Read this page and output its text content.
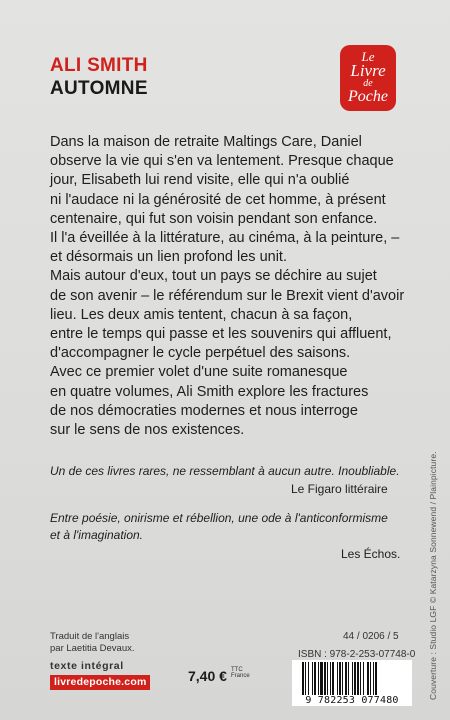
ALI SMITH
AUTOMNE
Le
Livre
de
Poche

Dans la maison de retraite Maltings Care, Daniel

observe la vie qui s'en va lentement. Presque chaque

jour, Elisabeth lui rend visite, elle qui n'a oublié

ni l'audace ni la générosité de cet homme, à présent

centenaire, qui fut son voisin pendant son enfance.

Il l'a éveillée à la littérature, au cinéma, à la peinture, –

et désormais un lien profond les unit.

Mais autour d'eux, tout un pays se déchire au sujet

de son avenir – le référendum sur le Brexit vient d'avoir

lieu. Les deux amis tentent, chacun à sa façon,

entre le temps qui passe et les souvenirs qui affluent,

d'accompagner le cycle perpétuel des saisons.

Avec ce premier volet d'une suite romanesque

en quatre volumes, Ali Smith explore les fractures

de nos démocraties modernes et nous interroge

sur le sens de nos existences.

Un de ces livres rares, ne ressemblant à aucun autre. Inoubliable.

Le Figaro littéraire

Entre poésie, onirisme et rébellion, une ode à l'anticonformisme

et à l'imagination.

Les Échos.	Couverture : Studio LGF © Katarzyna Sonnewend / Plainpicture.

Traduit de l'anglais

par Laetitia Devaux.

texte intégral
livredepoche.com	7,40 € TTC
France
44 / 0206 / 5
ISBN : 978-2-253-07748-0
9 782253 077480
